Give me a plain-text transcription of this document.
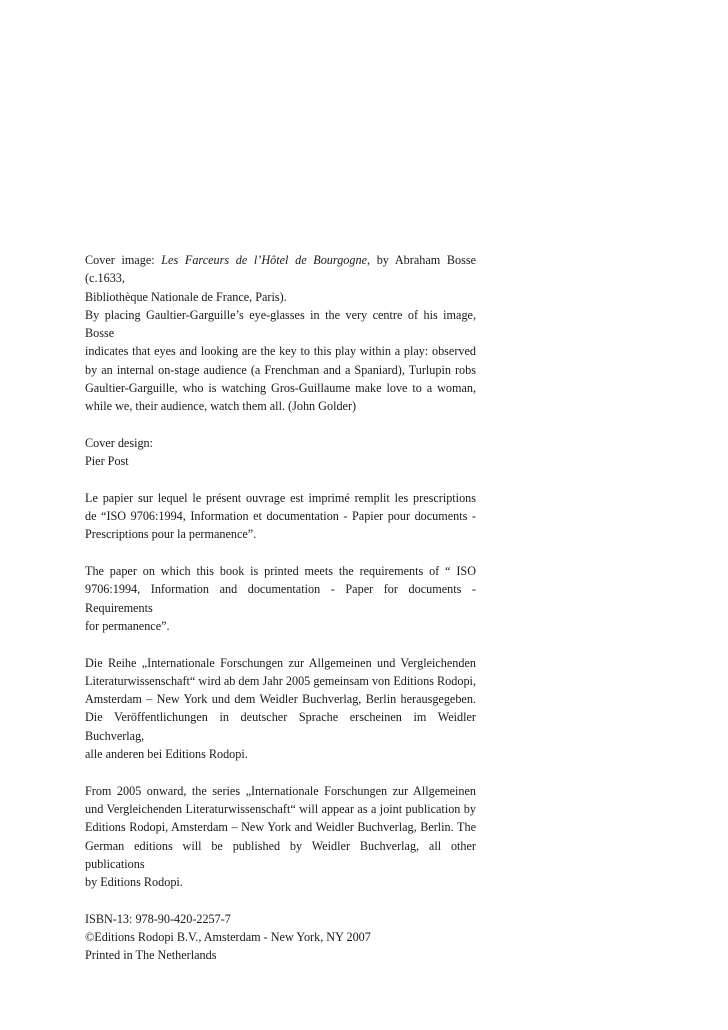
Cover image: Les Farceurs de l’Hôtel de Bourgogne, by Abraham Bosse (c.1633,
Bibliothèque Nationale de France, Paris).
By placing Gaultier-Garguille’s eye-glasses in the very centre of his image, Bosse
indicates that eyes and looking are the key to this play within a play: observed
by an internal on-stage audience (a Frenchman and a Spaniard), Turlupin robs
Gaultier-Garguille, who is watching Gros-Guillaume make love to a woman,
while we, their audience, watch them all. (John Golder)
Cover design:
Pier Post
Le papier sur lequel le présent ouvrage est imprimé remplit les prescriptions
de “ISO 9706:1994, Information et documentation - Papier pour documents -
Prescriptions pour la permanence”.
The paper on which this book is printed meets the requirements of “ ISO
9706:1994, Information and documentation - Paper for documents - Requirements
for permanence”.
Die Reihe „Internationale Forschungen zur Allgemeinen und Vergleichenden
Literaturwissenschaft“ wird ab dem Jahr 2005 gemeinsam von Editions Rodopi,
Amsterdam – New York und dem Weidler Buchverlag, Berlin herausgegeben.
Die Veröffentlichungen in deutscher Sprache erscheinen im Weidler Buchverlag,
alle anderen bei Editions Rodopi.
From 2005 onward, the series „Internationale Forschungen zur Allgemeinen
und Vergleichenden Literaturwissenschaft“ will appear as a joint publication by
Editions Rodopi, Amsterdam – New York and Weidler Buchverlag, Berlin. The
German editions will be published by Weidler Buchverlag, all other publications
by Editions Rodopi.
ISBN-13: 978-90-420-2257-7
©Editions Rodopi B.V., Amsterdam - New York, NY 2007
Printed in The Netherlands
